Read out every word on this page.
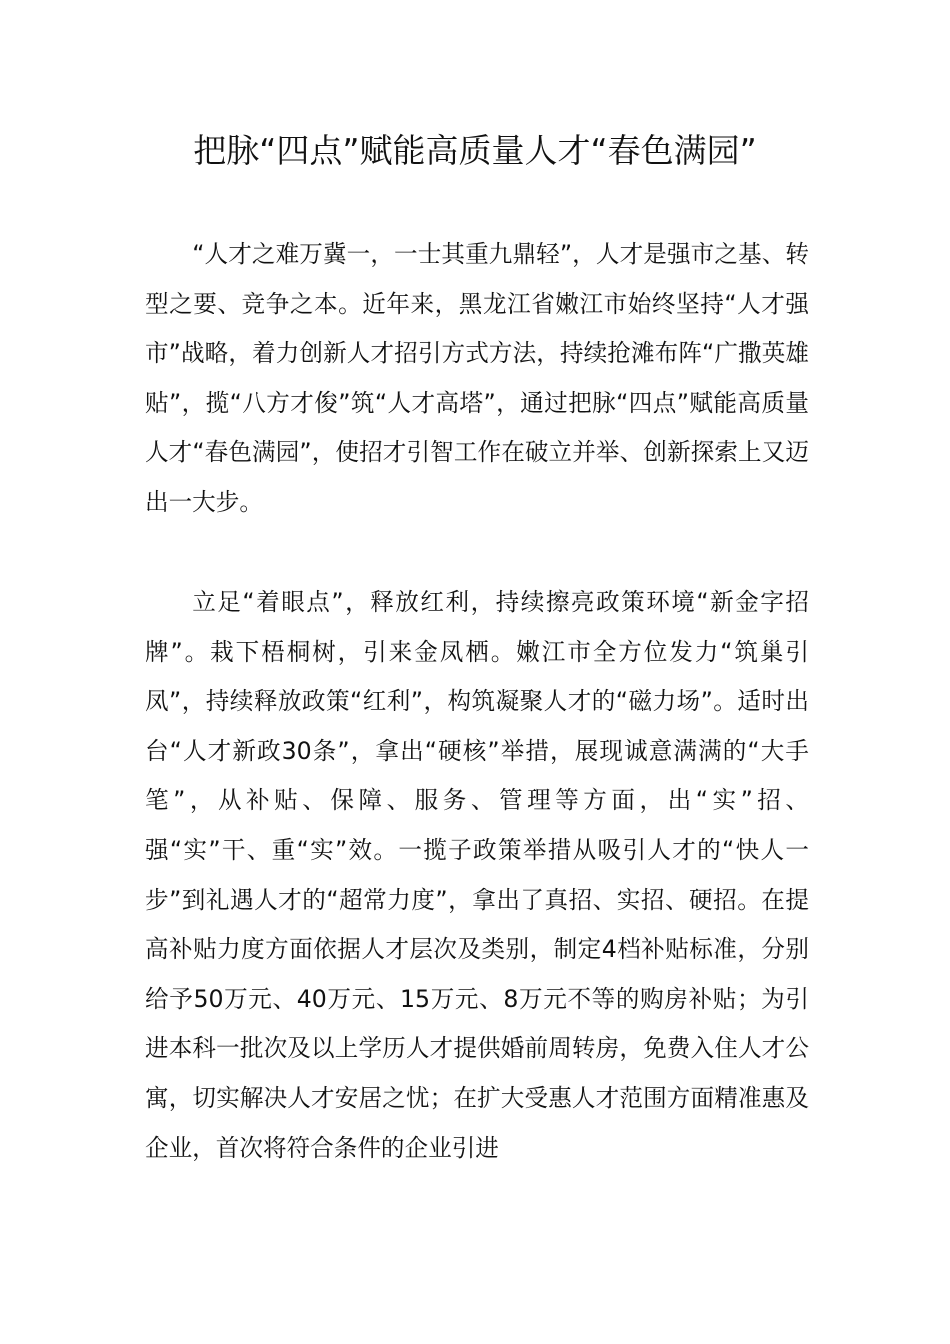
把脉“四点”赋能高质量人才“春色满园”

“人才之难万冀一，一士其重九鼎轻”，人才是强市之基、转型之要、竞争之本。近年来，黑龙江省嫩江市始终坚持“人才强市”战略，着力创新人才招引方式方法，持续抢滩布阵“广撒英雄贴”，揽“八方才俊”筑“人才高塔”，通过把脉“四点”赋能高质量人才“春色满园”，使招才引智工作在破立并举、创新探索上又迈出一大步。

立足“着眼点”，释放红利，持续擦亮政策环境“新金字招牌”。栽下梧桐树，引来金凤栖。嫩江市全方位发力“筑巢引凤”，持续释放政策“红利”，构筑凝聚人才的“磁力场”。适时出台“人才新政30条”，拿出“硬核”举措，展现诚意满满的“大手笔”，从补贴、保障、服务、管理等方面，出“实”招、强“实”干、重“实”效。一揽子政策举措从吸引人才的“快人一步”到礼遇人才的“超常力度”，拿出了真招、实招、硬招。在提高补贴力度方面依据人才层次及类别，制定4档补贴标准，分别给予50万元、40万元、15万元、8万元不等的购房补贴；为引进本科一批次及以上学历人才提供婚前周转房，免费入住人才公寓，切实解决人才安居之忧；在扩大受惠人才范围方面精准惠及企业，首次将符合条件的企业引进
